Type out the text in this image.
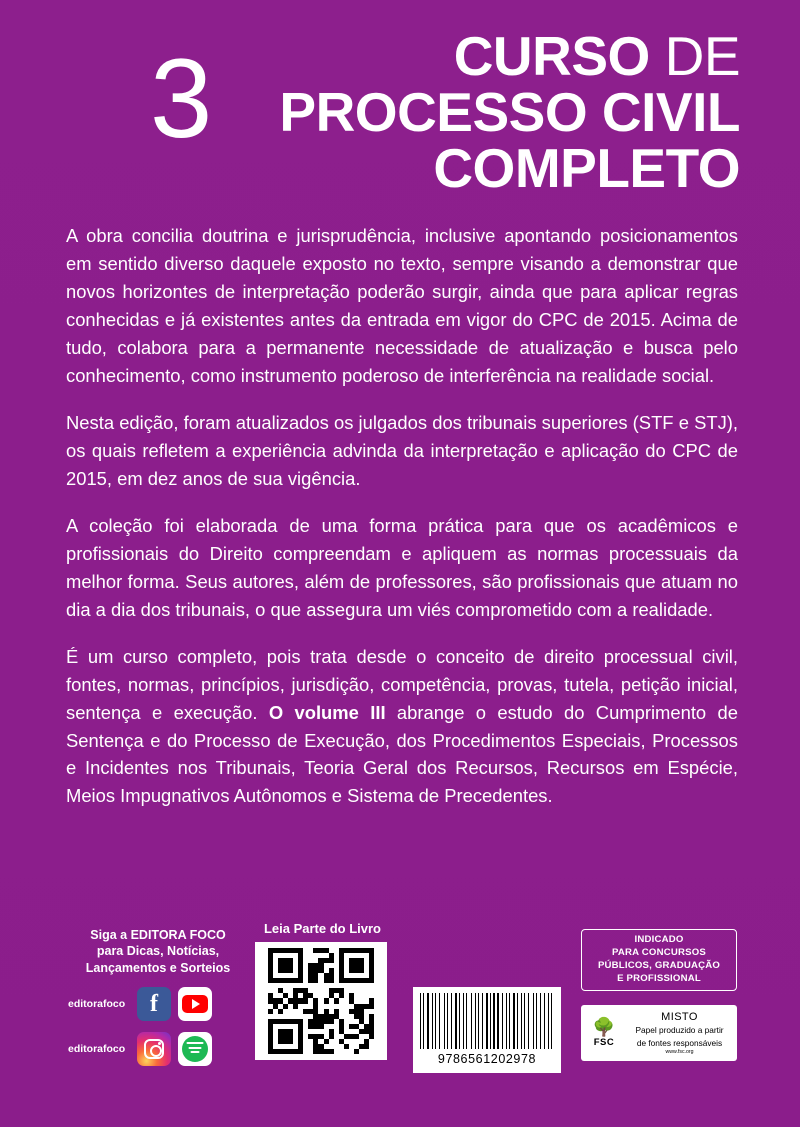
3	CURSO DE
PROCESSO CIVIL
COMPLETO

A obra concilia doutrina e jurisprudência, inclusive apontando posicionamentos em sentido diverso daquele exposto no texto, sempre visando a demonstrar que novos horizontes de interpretação poderão surgir, ainda que para aplicar regras conhecidas e já existentes antes da entrada em vigor do CPC de 2015. Acima de tudo, colabora para a permanente necessidade de atualização e busca pelo conhecimento, como instrumento poderoso de interferência na realidade social.

Nesta edição, foram atualizados os julgados dos tribunais superiores (STF e STJ), os quais refletem a experiência advinda da interpretação e aplicação do CPC de 2015, em dez anos de sua vigência.

A coleção foi elaborada de uma forma prática para que os acadêmicos e profissionais do Direito compreendam e apliquem as normas processuais da melhor forma. Seus autores, além de professores, são profissionais que atuam no dia a dia dos tribunais, o que assegura um viés comprometido com a realidade.

É um curso completo, pois trata desde o conceito de direito processual civil, fontes, normas, princípios, jurisdição, competência, provas, tutela, petição inicial, sentença e execução. O volume III abrange o estudo do Cumprimento de Sentença e do Processo de Execução, dos Procedimentos Especiais, Processos e Incidentes nos Tribunais, Teoria Geral dos Recursos, Recursos em Espécie, Meios Impugnativos Autônomos e Sistema de Precedentes.

Siga a EDITORA FOCO
para Dicas, Notícias,
Lançamentos e Sorteios
editorafoco	f
editorafoco
Leia Parte do Livro
9786561202978
INDICADO
PARA CONCURSOS
PÚBLICOS, GRADUAÇÃO
E PROFISSIONAL
🌳
FSC
MISTO
Papel produzido a partir
de fontes responsáveis
www.fsc.org
